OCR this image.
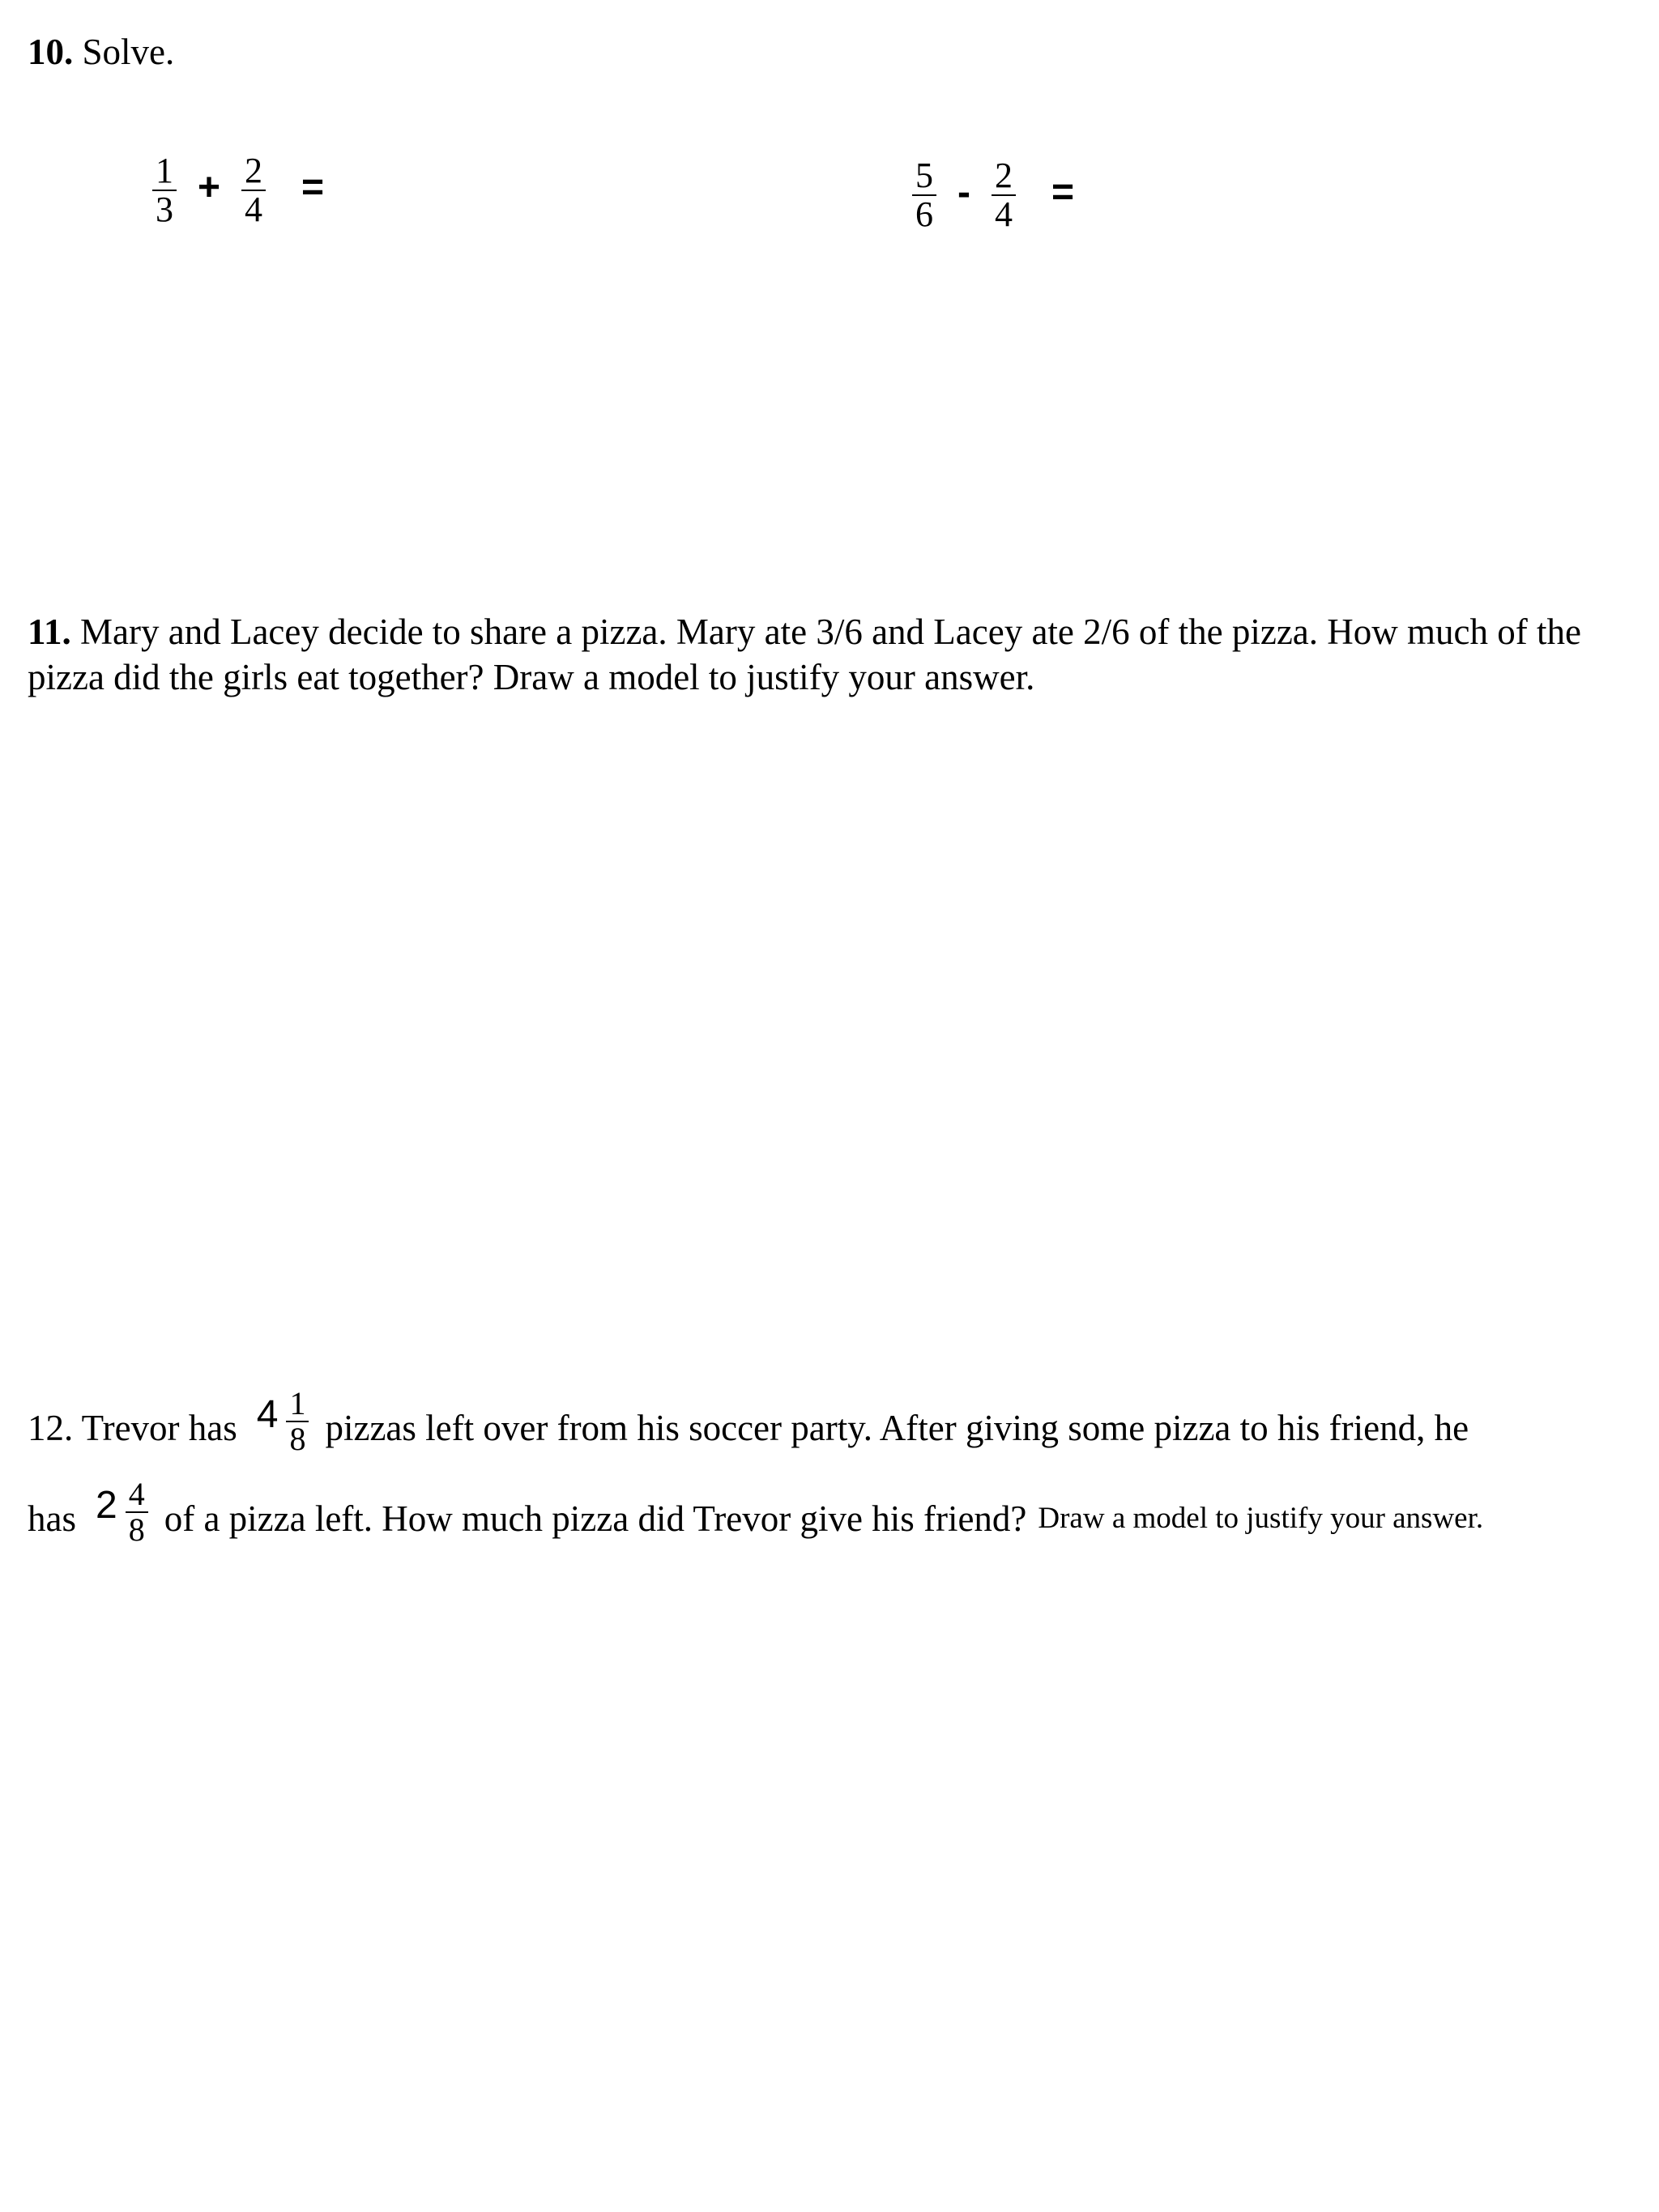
10. Solve.
$\frac{1}{3} + \frac{2}{4}$ =	$\frac{5}{6} - \frac{2}{4}$ =
11. Mary and Lacey decide to share a pizza. Mary ate 3/6 and Lacey ate 2/6 of the pizza. How much of the pizza did the girls eat together? Draw a model to justify your answer.
12. Trevor has $4 \frac{1}{8}$ pizzas left over from his soccer party. After giving some pizza to his friend, he
has $2 \frac{4}{8}$ of a pizza left. How much pizza did Trevor give his friend? Draw a model to justify your answer.
